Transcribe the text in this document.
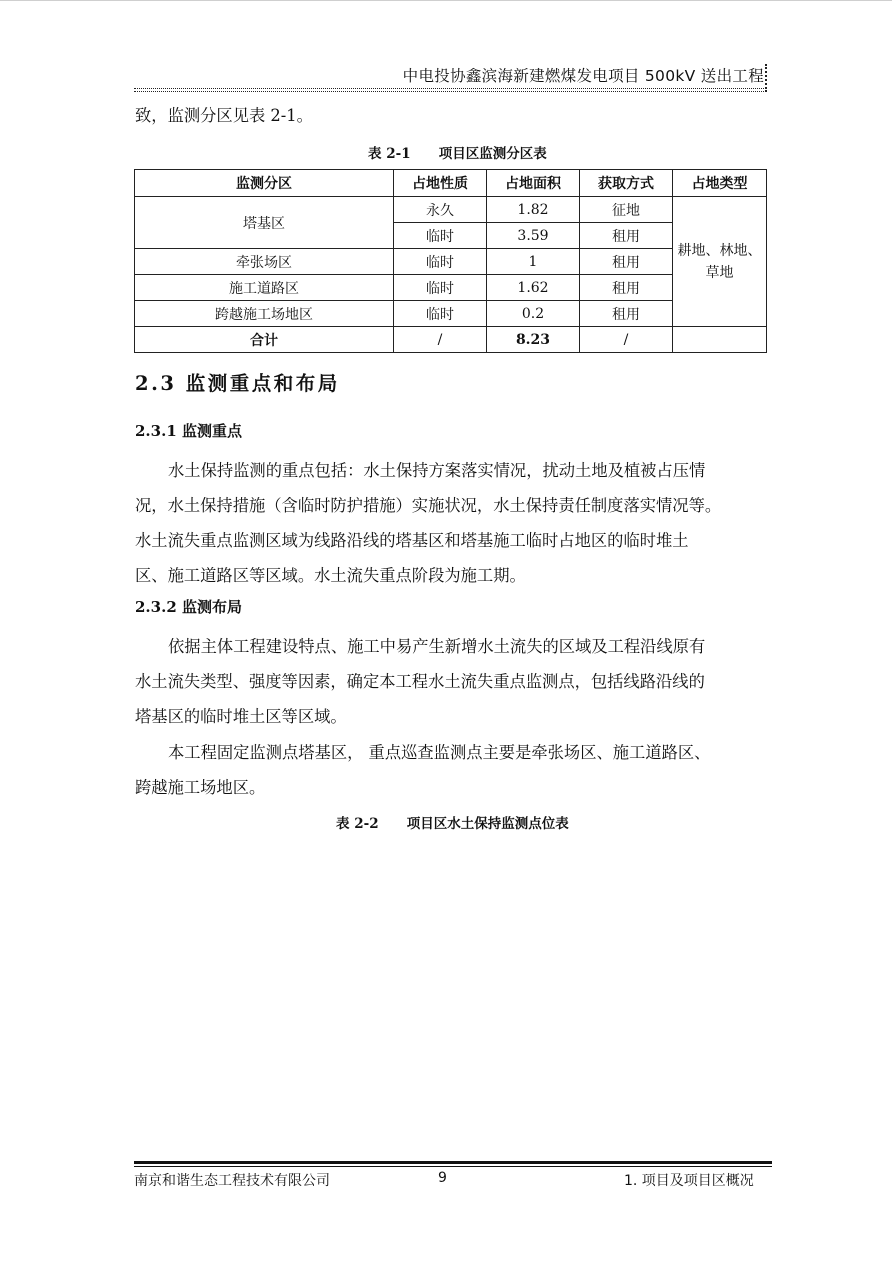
中电投协鑫滨海新建燃煤发电项目 500kV 送出工程
致，监测分区见表 2-1。
表 2-1      项目区监测分区表
监测分区	占地性质	占地面积	获取方式	占地类型
塔基区	永久	1.82	征地	耕地、林地、
草地
	临时	3.59	租用	
牵张场区	临时	1	租用	
施工道路区	临时	1.62	租用	
跨越施工场地区	临时	0.2	租用	
合计	/	8.23	/	
2.3 监测重点和布局
2.3.1 监测重点
水土保持监测的重点包括：水土保持方案落实情况，扰动土地及植被占压情
况，水土保持措施（含临时防护措施）实施状况，水土保持责任制度落实情况等。
水土流失重点监测区域为线路沿线的塔基区和塔基施工临时占地区的临时堆土
区、施工道路区等区域。水土流失重点阶段为施工期。
2.3.2 监测布局
依据主体工程建设特点、施工中易产生新增水土流失的区域及工程沿线原有
水土流失类型、强度等因素，确定本工程水土流失重点监测点，包括线路沿线的
塔基区的临时堆土区等区域。
本工程固定监测点塔基区， 重点巡查监测点主要是牵张场区、施工道路区、
跨越施工场地区。
表 2-2      项目区水土保持监测点位表
南京和谐生态工程技术有限公司	9	1. 项目及项目区概况
